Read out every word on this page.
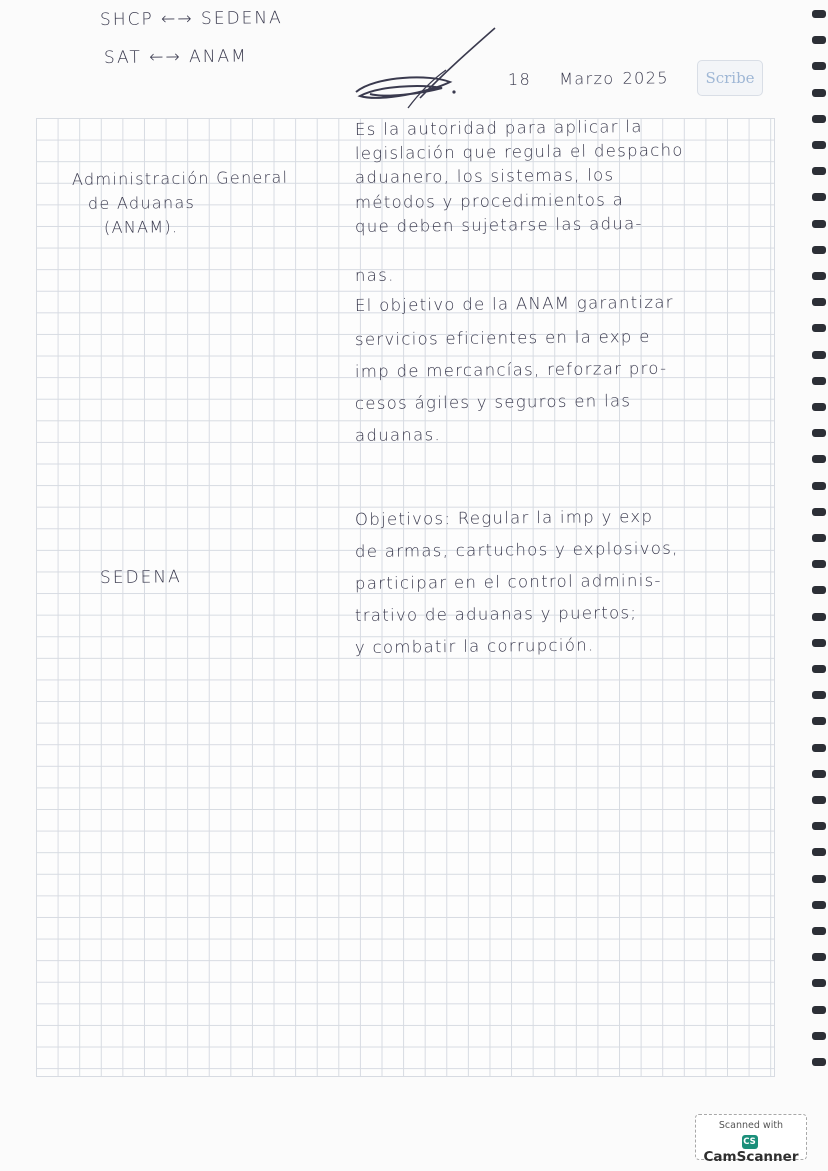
SHCP ←→ SEDENA
SAT ←→ ANAM
18 Marzo 2025	Scribe
Administración General
de Aduanas
(ANAM).
Es la autoridad para aplicar la
legislación que regula el despacho
aduanero, los sistemas, los
métodos y procedimientos a
que deben sujetarse las adua-
nas.
El objetivo de la ANAM garantizar
servicios eficientes en la exp e
imp de mercancías, reforzar pro-
cesos ágiles y seguros en las
aduanas.
SEDENA
Objetivos: Regular la imp y exp
de armas, cartuchos y explosivos,
participar en el control adminis-
trativo de aduanas y puertos;
y combatir la corrupción.
Scanned with
CSCamScanner
